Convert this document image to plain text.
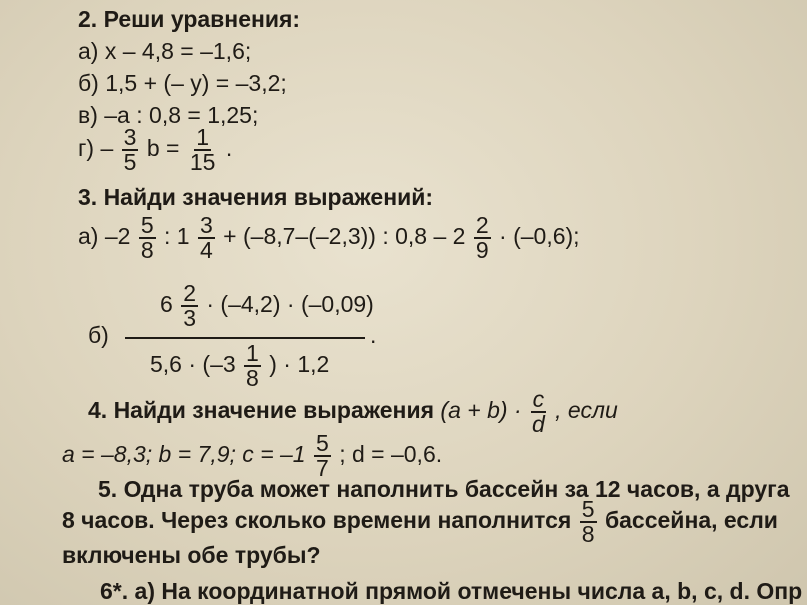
2. Реши уравнения:
а) x – 4,8 = –1,6;
б) 1,5 + (– y) = –3,2;
в) –a : 0,8 = 1,25;
$г) - \frac{3}{5}$ $b = \frac{1}{15}$ .
3. Найди значения выражений:
а) $-2 \frac{5}{8}$ : $1 \frac{3}{4} + (-8,7-(-2,3))$ : $0,8 - 2 \frac{2}{9} \cdot (-0,6)$;
б)
$6 \frac{2}{3} \cdot (-4,2) \cdot (-0,09)$
.
$5,6 \cdot (-3 \frac{1}{8}$ ) · 1,2
4. Найди значение выражения $(a + b) \cdot \frac{c}{d}$ , если
a = –8,3; b = 7,9; $c = -1 \frac{5}{7}$ ; d = –0,6.
5. Одна труба может наполнить бассейн за 12 часов, а друга
8 часов. Через сколько времени наполнится $\frac{5}{8}$ бассейна, если
включены обе трубы?
6*. а) На координатной прямой отмечены числа a, b, c, d. Опр
